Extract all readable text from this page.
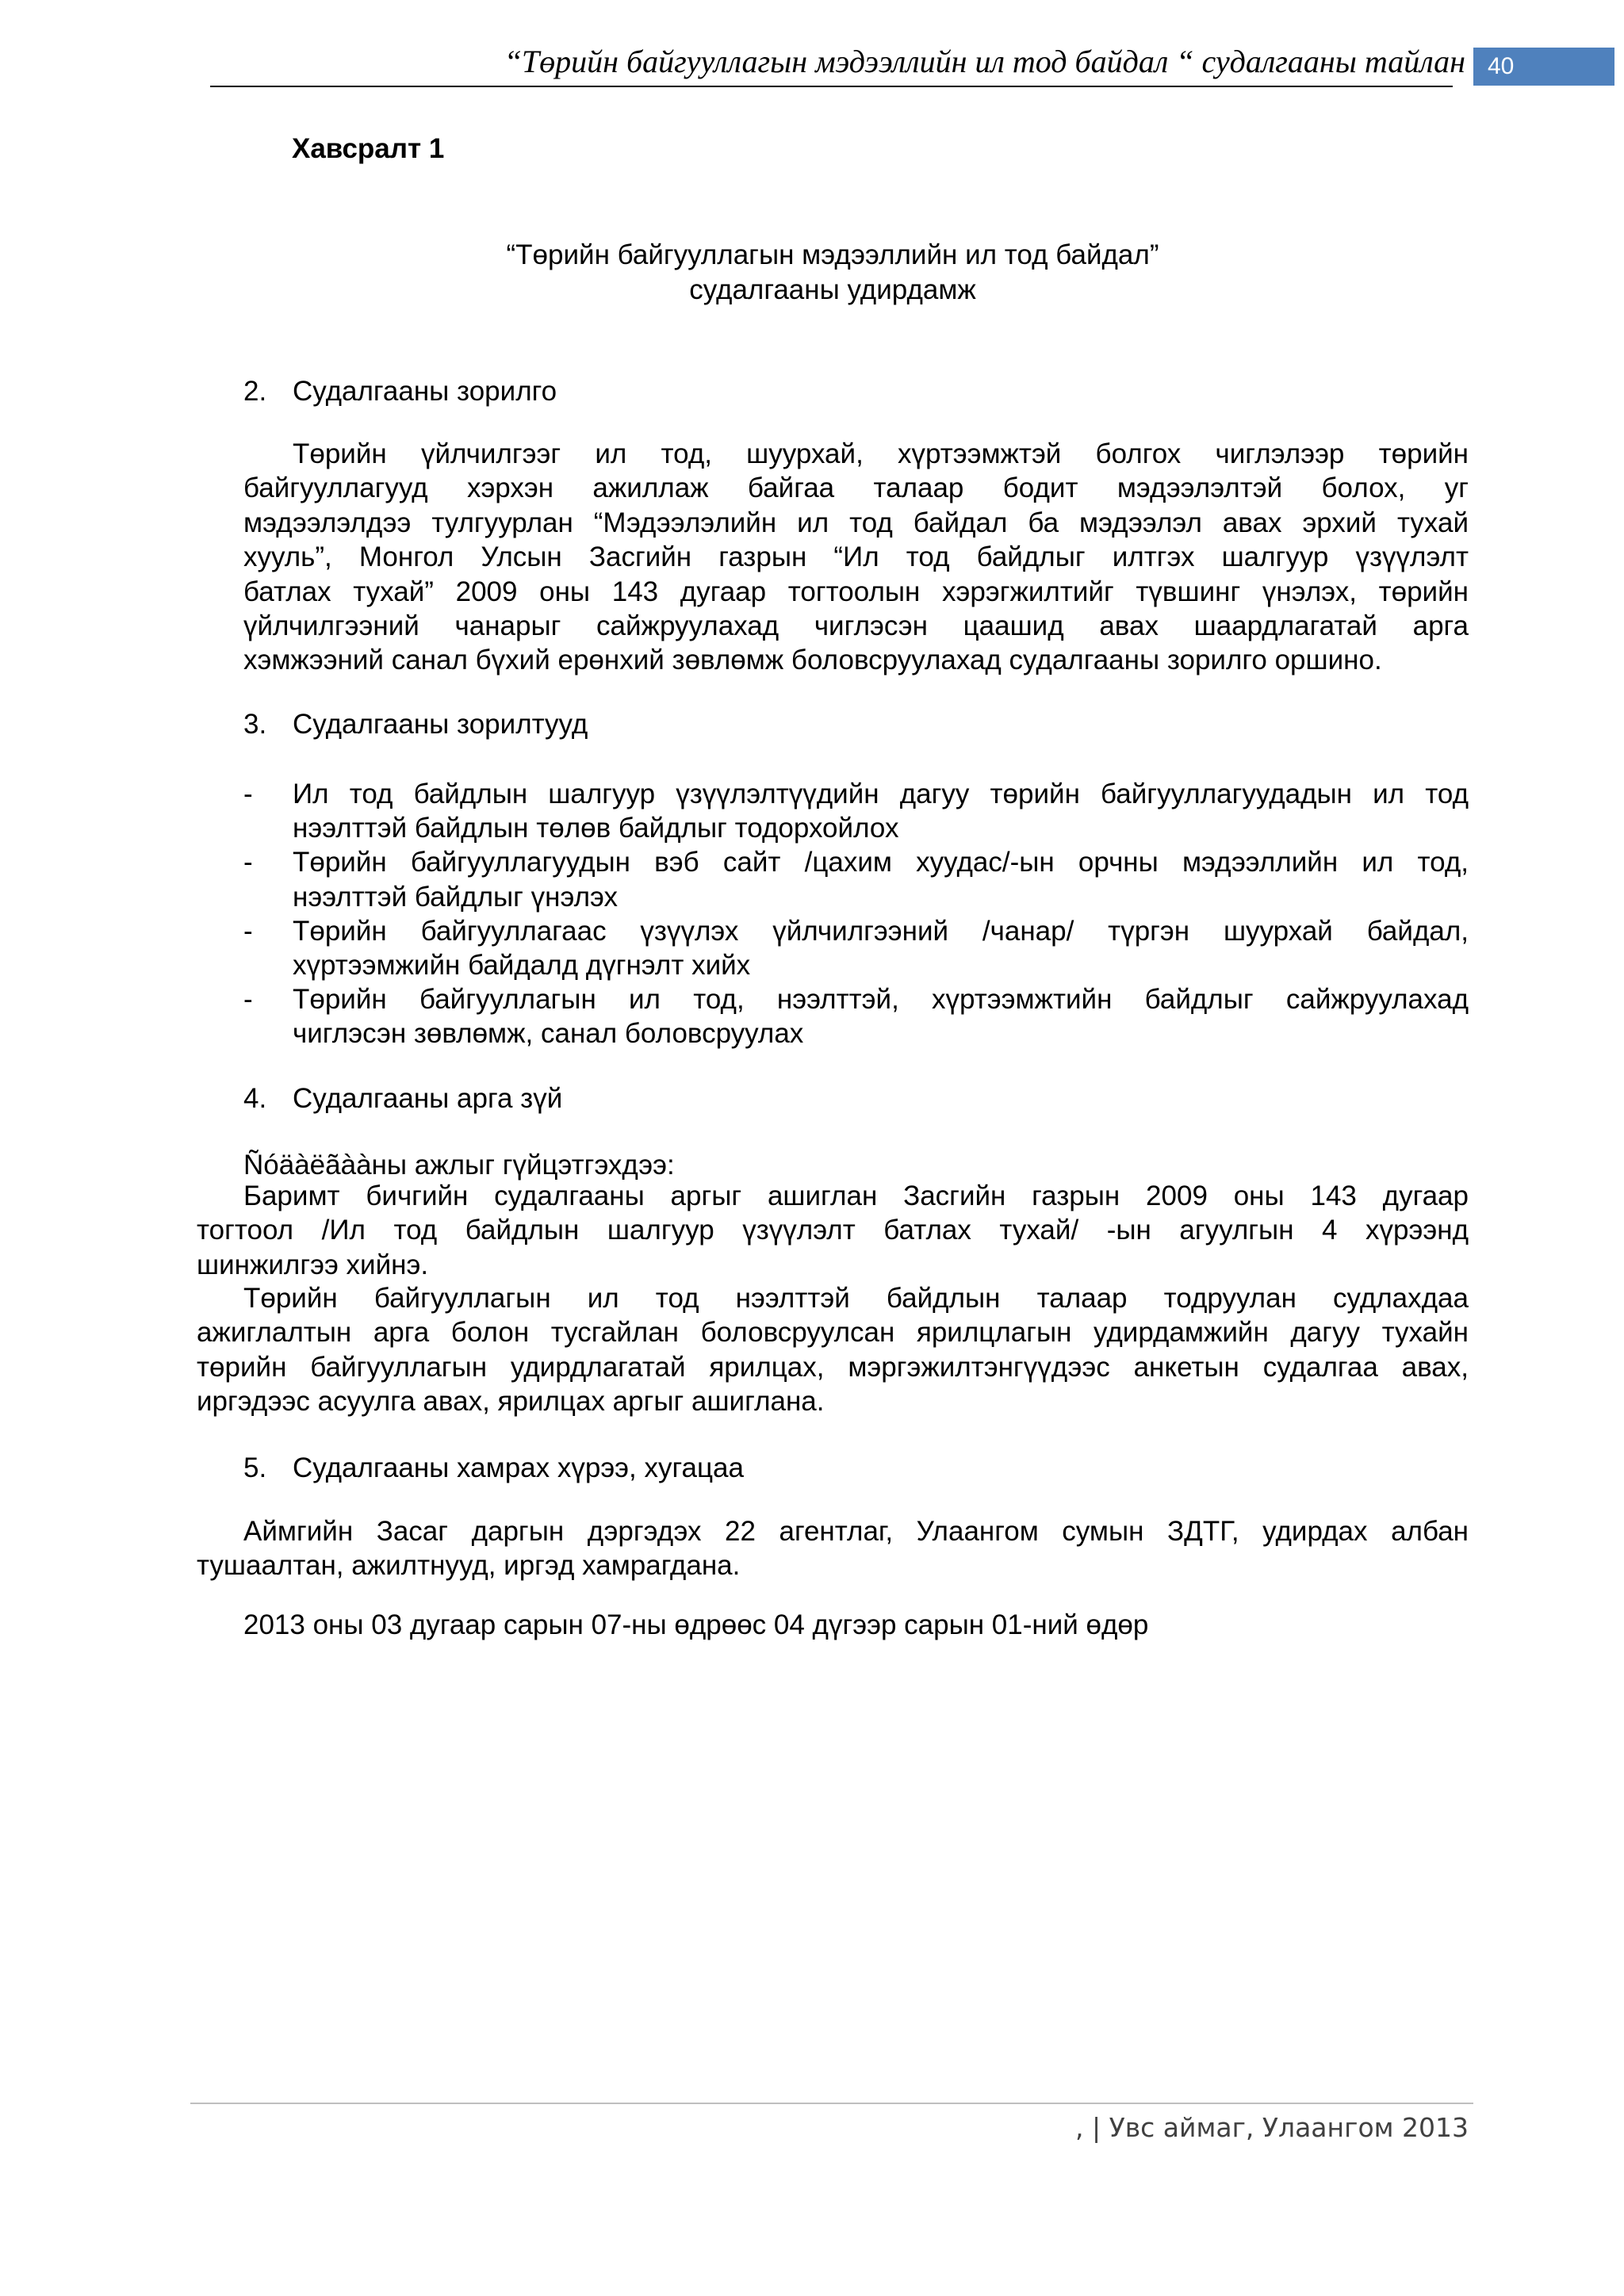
“Төрийн байгууллагын мэдээллийн ил тод байдал “ судалгааны тайлан 40
Хавсралт 1
“Төрийн байгууллагын мэдээллийн ил тод байдал”
судалгааны удирдамж
2. Судалгааны зорилго
Төрийн үйлчилгээг ил тод, шуурхай, хүртээмжтэй болгох чиглэлээр төрийн
байгууллагууд хэрхэн ажиллаж байгаа талаар бодит мэдээлэлтэй болох, уг
мэдээлэлдээ тулгуурлан “Мэдээлэлийн ил тод байдал ба мэдээлэл авах эрхий тухай
хууль”, Монгол Улсын Засгийн газрын “Ил тод байдлыг илтгэх шалгуур үзүүлэлт
батлах тухай” 2009 оны 143 дугаар тогтоолын хэрэгжилтийг түвшинг үнэлэх, төрийн
үйлчилгээний чанарыг сайжруулахад чиглэсэн цаашид авах шаардлагатай арга
хэмжээний санал бүхий ерөнхий зөвлөмж боловсруулахад судалгааны зорилго оршино.
3. Судалгааны зорилтууд
- Ил тод байдлын шалгуур үзүүлэлтүүдийн дагуу төрийн байгууллагуудадын ил тод
нээлттэй байдлын төлөв байдлыг тодорхойлох
- Төрийн байгууллагуудын вэб сайт /цахим хуудас/-ын орчны мэдээллийн ил тод,
нээлттэй байдлыг үнэлэх
- Төрийн байгууллагаас үзүүлэх үйлчилгээний /чанар/ түргэн шуурхай байдал,
хүртээмжийн байдалд дүгнэлт хийх
- Төрийн байгууллагын ил тод, нээлттэй, хүртээмжтийн байдлыг сайжруулахад
чиглэсэн зөвлөмж, санал боловсруулах
4. Судалгааны арга зүй
Ñóäàëãààны ажлыг гүйцэтгэхдээ:
Баримт бичгийн судалгааны аргыг ашиглан Засгийн газрын 2009 оны 143 дугаар
тогтоол /Ил тод байдлын шалгуур үзүүлэлт батлах тухай/ -ын агуулгын 4 хүрээнд
шинжилгээ хийнэ.
Төрийн байгууллагын ил тод нээлттэй байдлын талаар тодруулан судлахдаа
ажиглалтын арга болон тусгайлан боловсруулсан ярилцлагын удирдамжийн дагуу тухайн
төрийн байгууллагын удирдлагатай ярилцах, мэргэжилтэнгүүдээс анкетын судалгаа авах,
иргэдээс асуулга авах, ярилцах аргыг ашиглана.
5. Судалгааны хамрах хүрээ, хугацаа
Аймгийн Засаг даргын дэргэдэх 22 агентлаг, Улаангом сумын ЗДТГ, удирдах албан
тушаалтан, ажилтнууд, иргэд хамрагдана.
2013 оны 03 дугаар сарын 07-ны өдрөөс 04 дүгээр сарын 01-ний өдөр
, | Увс аймаг, Улаангом 2013
